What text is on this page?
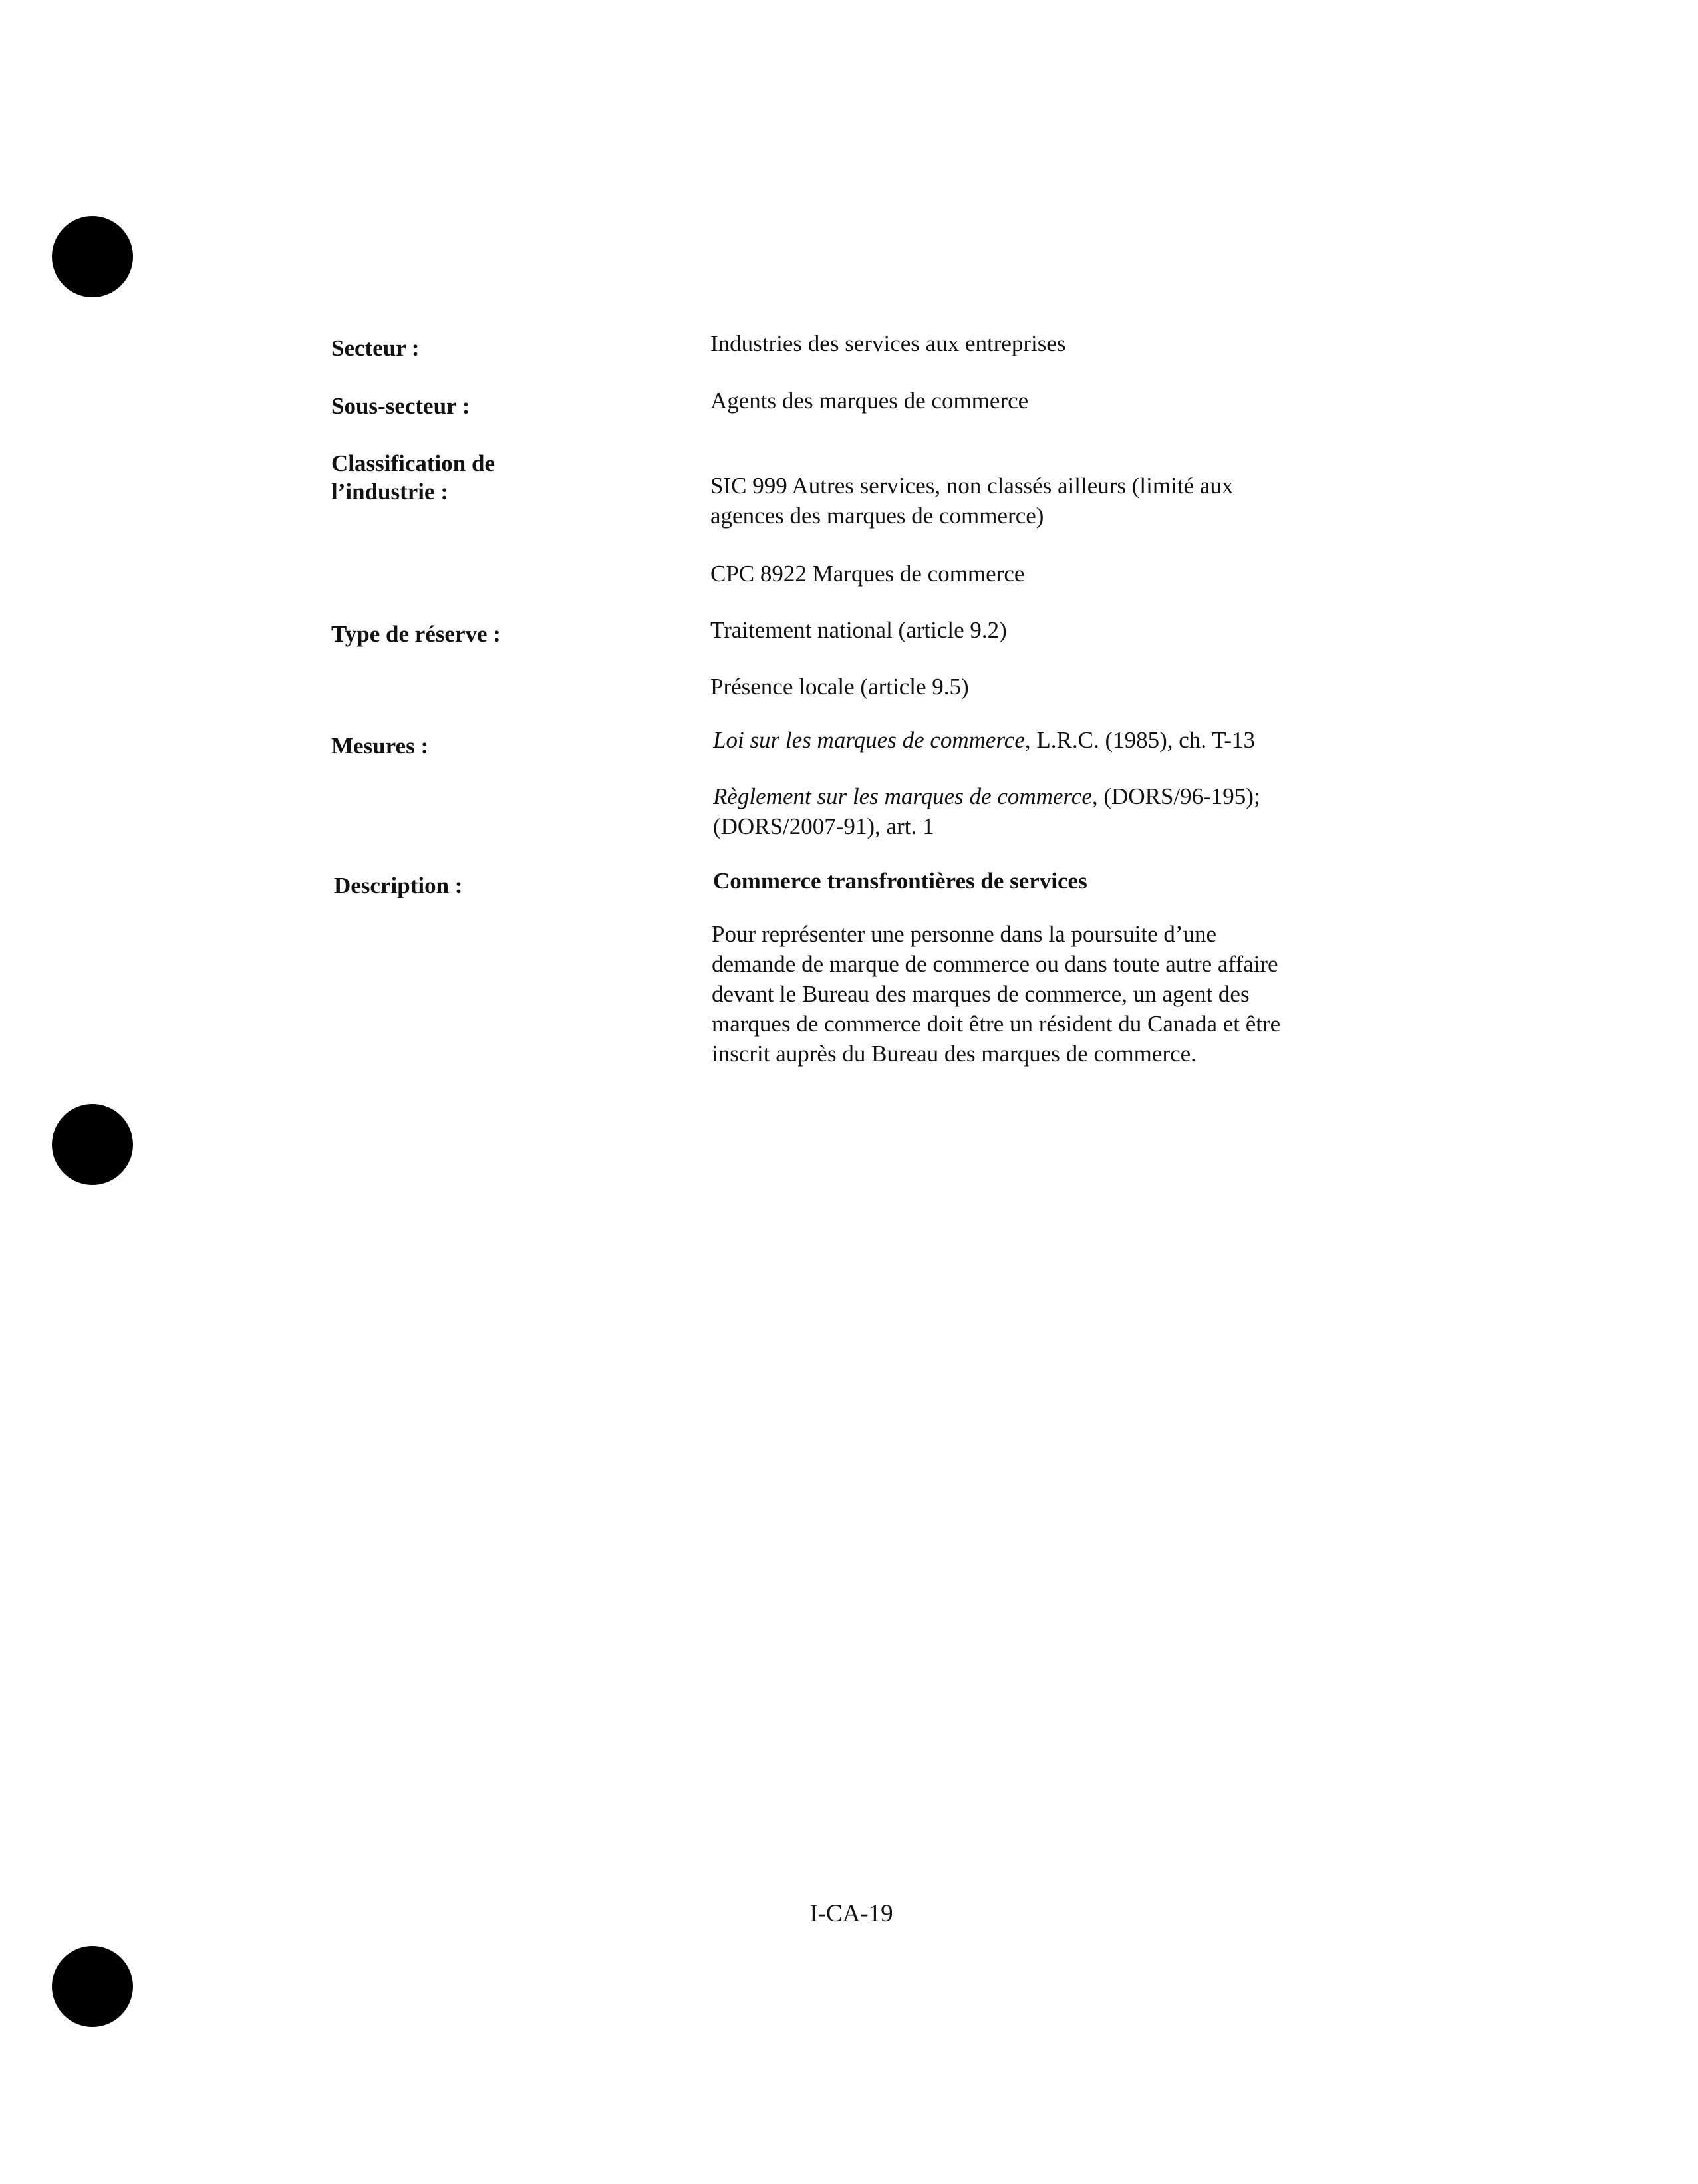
Secteur :	Industries des services aux entreprises
Sous-secteur :	Agents des marques de commerce
Classification de
l’industrie :	SIC 999 Autres services, non classés ailleurs (limité aux
agences des marques de commerce)
CPC 8922 Marques de commerce
Type de réserve :	Traitement national (article 9.2)
Présence locale (article 9.5)
Mesures :	Loi sur les marques de commerce, L.R.C. (1985), ch. T-13
Règlement sur les marques de commerce, (DORS/96-195);
(DORS/2007-91), art. 1
Description :	Commerce transfrontières de services
Pour représenter une personne dans la poursuite d’une
demande de marque de commerce ou dans toute autre affaire
devant le Bureau des marques de commerce, un agent des
marques de commerce doit être un résident du Canada et être
inscrit auprès du Bureau des marques de commerce.
I-CA-19
